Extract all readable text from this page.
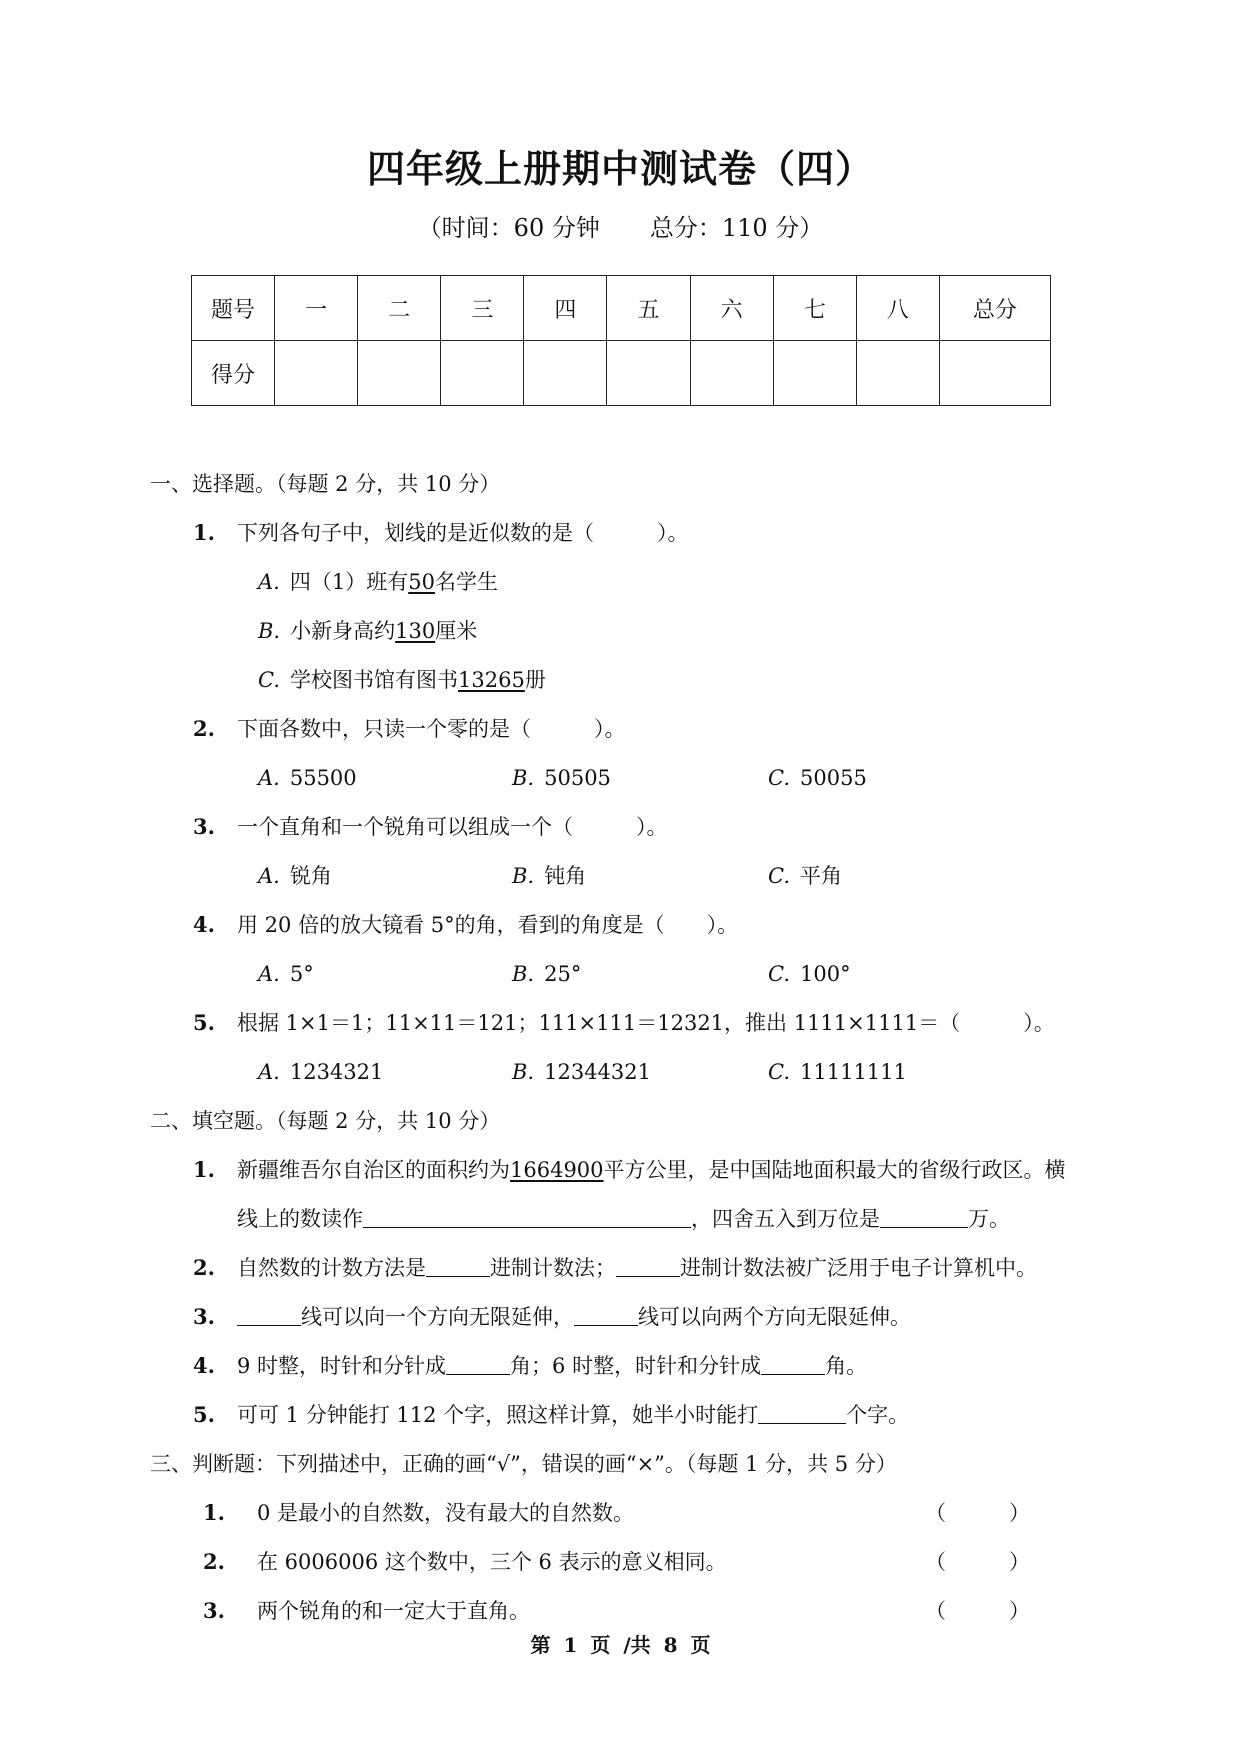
四年级上册期中测试卷（四）
（时间：60 分钟 总分：110 分）
题号	一	二	三	四	五	六	七	八	总分
得分									
一、选择题。（每题 2 分，共 10 分）
1. 下列各句子中，划线的是近似数的是（　　　）。
A. 四（1）班有50名学生
B. 小新身高约130厘米
C. 学校图书馆有图书13265册
2. 下面各数中，只读一个零的是（　　　）。
A. 55500	B. 50505	C. 50055
3. 一个直角和一个锐角可以组成一个（　　　）。
A. 锐角	B. 钝角	C. 平角
4. 用 20 倍的放大镜看 5°的角，看到的角度是（　　）。
A. 5°	B. 25°	C. 100°
5. 根据 1×1＝1；11×11＝121；111×111＝12321，推出 1111×1111＝（　　　）。
A. 1234321	B. 12344321	C. 11111111
二、填空题。（每题 2 分，共 10 分）
1. 新疆维吾尔自治区的面积约为1664900平方公里，是中国陆地面积最大的省级行政区。横
线上的数读作	，四舍五入到万位是	万。
2. 自然数的计数方法是	进制计数法；	进制计数法被广泛用于电子计算机中。
3.	线可以向一个方向无限延伸，	线可以向两个方向无限延伸。
4. 9 时整，时针和分针成	角；6 时整，时针和分针成	角。
5. 可可 1 分钟能打 112 个字，照这样计算，她半小时能打	个字。
三、判断题：下列描述中，正确的画“√”，错误的画“×”。（每题 1 分，共 5 分）
1. 0 是最小的自然数，没有最大的自然数。	（　　　）
2. 在 6006006 这个数中，三个 6 表示的意义相同。	（　　　）
3. 两个锐角的和一定大于直角。	（　　　）
第 1 页 /共 8 页
